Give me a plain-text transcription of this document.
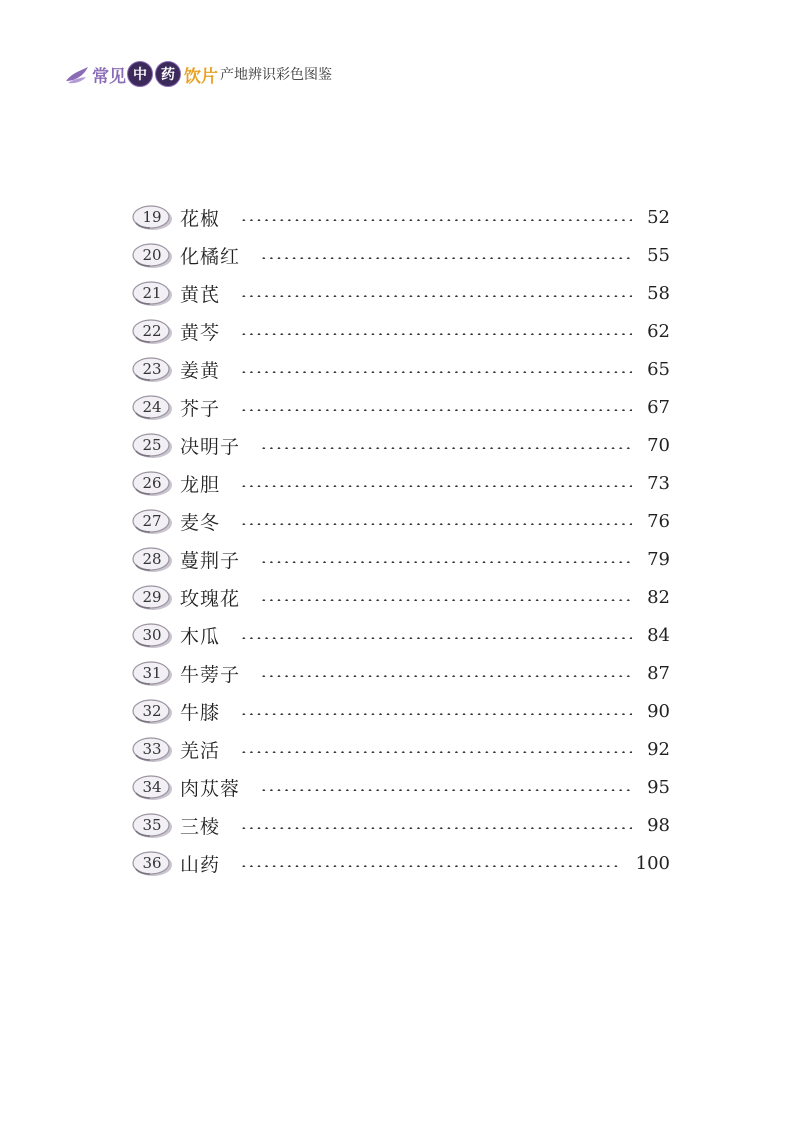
常见 中	药 饮片 产地辨识彩色图鉴
19 花椒	52
20 化橘红	55
21 黄芪	58
22 黄芩	62
23 姜黄	65
24 芥子	67
25 决明子	70
26 龙胆	73
27 麦冬	76
28 蔓荆子	79
29 玫瑰花	82
30 木瓜	84
31 牛蒡子	87
32 牛膝	90
33 羌活	92
34 肉苁蓉	95
35 三棱	98
36 山药	100
